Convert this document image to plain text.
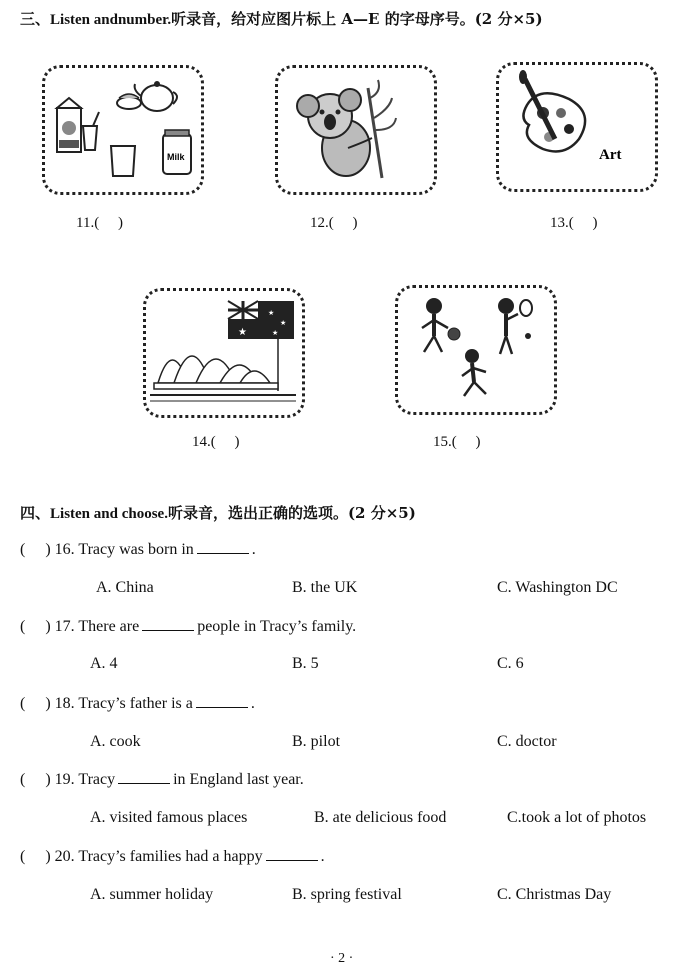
三、Listen andnumber.听录音，给对应图片标上 A—E 的字母序号。(2 分×5)
Milk	Art
11.(     )	12.(     )	13.(     )
★
★
★
★
14.(     )	15.(     )
四、Listen and choose.听录音，选出正确的选项。(2 分×5)
(     ) 16. Tracy was born in	.
A. China	B. the UK	C. Washington DC
(     ) 17. There are	people in Tracy’s family.
A. 4	B. 5	C. 6
(     ) 18. Tracy’s father is a	.
A. cook	B. pilot	C. doctor
(     ) 19. Tracy	in England last year.
A. visited famous places	B. ate delicious food	C.took a lot of photos
(     ) 20. Tracy’s families had a happy	.
A. summer holiday	B. spring festival	C. Christmas Day
· 2 ·
